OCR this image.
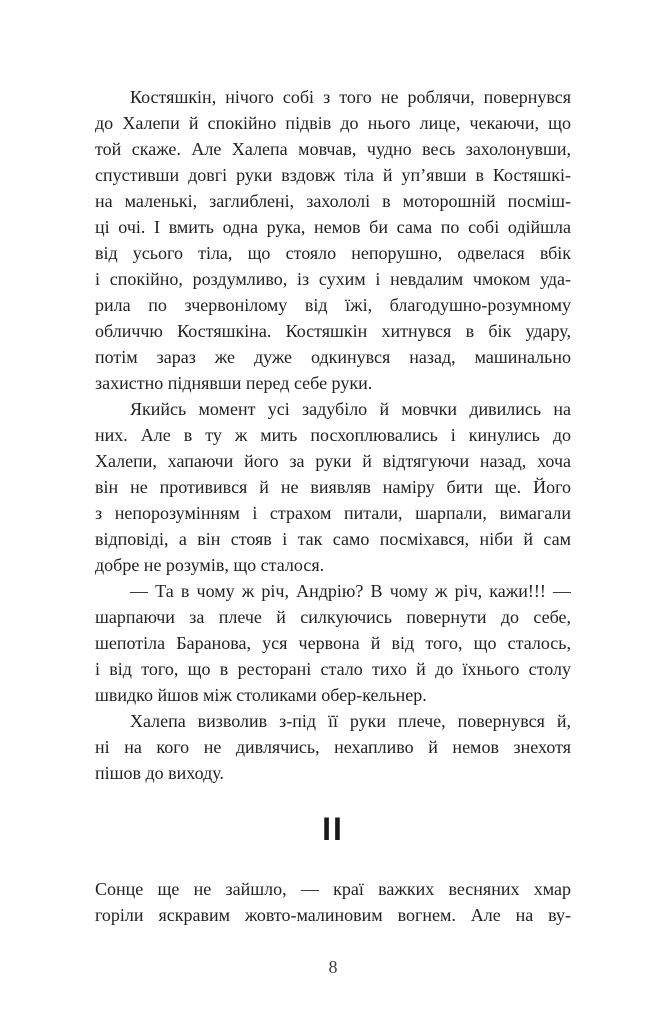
Костяшкін, нічого собі з того не роблячи, повернувся
до Халепи й спокійно підвів до нього лице, чекаючи, що
той скаже. Але Халепа мовчав, чудно весь захолонувши,
спустивши довгі руки вздовж тіла й уп’явши в Костяшкі-
на маленькі, заглиблені, захололі в моторошній посміш-
ці очі. І вмить одна рука, немов би сама по собі одійшла
від усього тіла, що стояло непорушно, одвелася вбік
і спокійно, роздумливо, із сухим і невдалим чмоком уда-
рила по зчервонілому від їжі, благодушно-розумному
обличчю Костяшкіна. Костяшкін хитнувся в бік удару,
потім зараз же дуже одкинувся назад, машинально
захистно піднявши перед себе руки.
Якийсь момент усі задубіло й мовчки дивились на
них. Але в ту ж мить посхоплювались і кинулись до
Халепи, хапаючи його за руки й відтягуючи назад, хоча
він не противився й не виявляв наміру бити ще. Його
з непорозумінням і страхом питали, шарпали, вимагали
відповіді, а він стояв і так само посміхався, ніби й сам
добре не розумів, що сталося.
— Та в чому ж річ, Андрію? В чому ж річ, кажи!!! —
шарпаючи за плече й силкуючись повернути до себе,
шепотіла Баранова, уся червона й від того, що сталось,
і від того, що в ресторані стало тихо й до їхнього столу
швидко йшов між столиками обер-кельнер.
Халепа визволив з-під її руки плече, повернувся й,
ні на кого не дивлячись, нехапливо й немов знехотя
пішов до виходу.
II
Сонце ще не зайшло, — краї важких весняних хмар
горіли яскравим жовто-малиновим вогнем. Але на ву-
8
